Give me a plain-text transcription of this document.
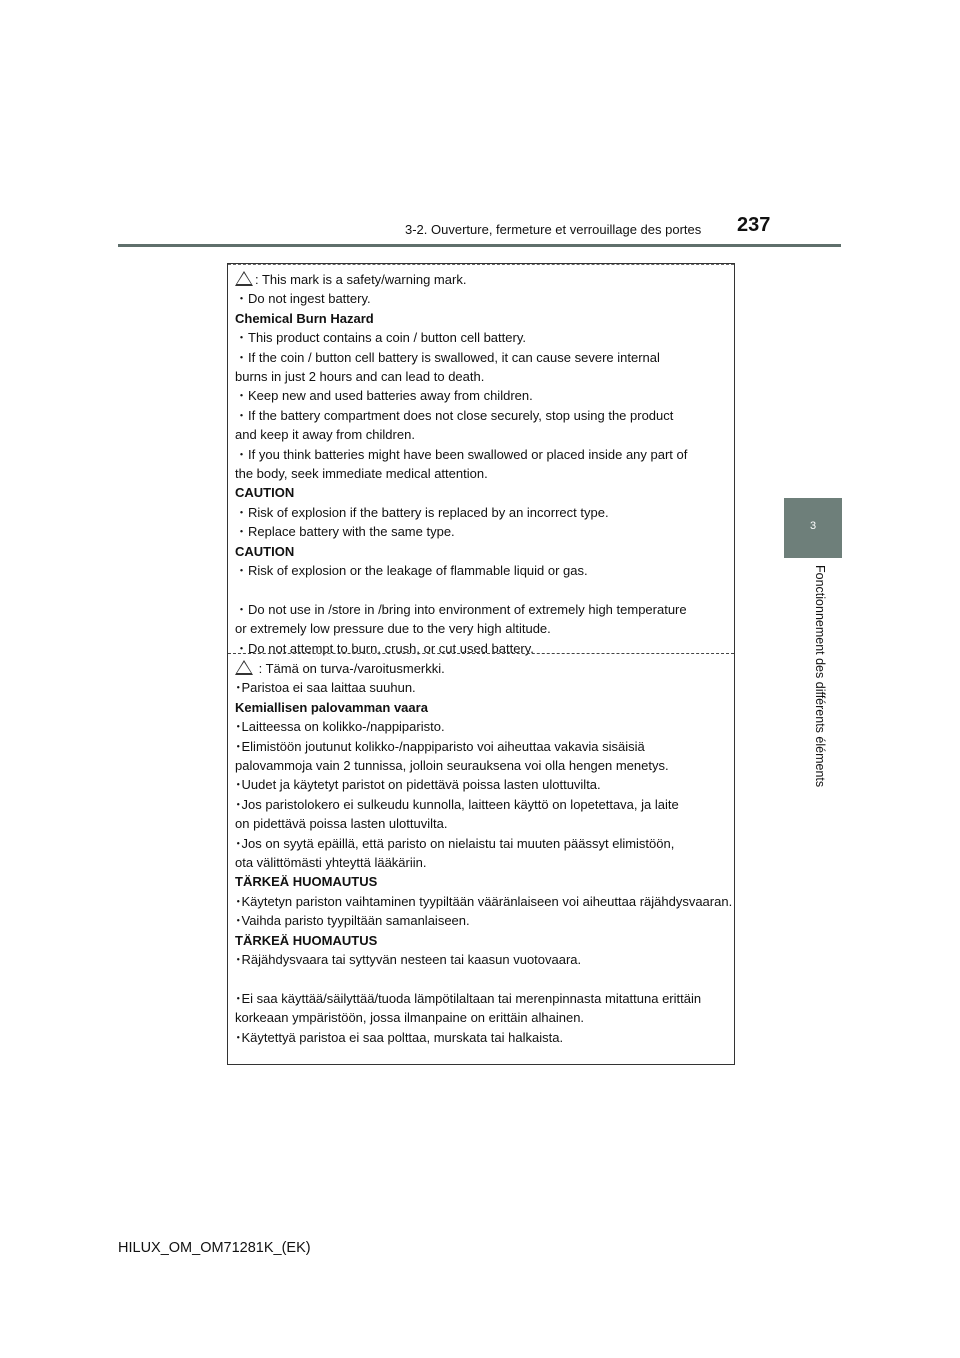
3-2. Ouverture, fermeture et verrouillage des portes 237
3
Fonctionnement des différents éléments
: This mark is a safety/warning mark.
・Do not ingest battery.
Chemical Burn Hazard
・This product contains a coin / button cell battery.
・If the coin / button cell battery is swallowed, it can cause severe internal
burns in just 2 hours and can lead to death.
・Keep new and used batteries away from children.
・If the battery compartment does not close securely, stop using the product
and keep it away from children.
・If you think batteries might have been swallowed or placed inside any part of
the body, seek immediate medical attention.
CAUTION
・Risk of explosion if the battery is replaced by an incorrect type.
・Replace battery with the same type.
CAUTION
・Risk of explosion or the leakage of flammable liquid or gas.
・Do not use in /store in /bring into environment of extremely high temperature
or extremely low pressure due to the very high altitude.
・Do not attempt to burn, crush, or cut used battery.
: Tämä on turva-/varoitusmerkki.
･Paristoa ei saa laittaa suuhun.
Kemiallisen palovamman vaara
･Laitteessa on kolikko-/nappiparisto.
･Elimistöön joutunut kolikko-/nappiparisto voi aiheuttaa vakavia sisäisiä
palovammoja vain 2 tunnissa, jolloin seurauksena voi olla hengen menetys.
･Uudet ja käytetyt paristot on pidettävä poissa lasten ulottuvilta.
･Jos paristolokero ei sulkeudu kunnolla, laitteen käyttö on lopetettava, ja laite
on pidettävä poissa lasten ulottuvilta.
･Jos on syytä epäillä, että paristo on nielaistu tai muuten päässyt elimistöön,
ota välittömästi yhteyttä lääkäriin.
TÄRKEÄ HUOMAUTUS
･Käytetyn pariston vaihtaminen tyypiltään vääränlaiseen voi aiheuttaa räjähdysvaaran.
･Vaihda paristo tyypiltään samanlaiseen.
TÄRKEÄ HUOMAUTUS
･Räjähdysvaara tai syttyvän nesteen tai kaasun vuotovaara.
･Ei saa käyttää/säilyttää/tuoda lämpötilaltaan tai merenpinnasta mitattuna erittäin
korkeaan ympäristöön, jossa ilmanpaine on erittäin alhainen.
･Käytettyä paristoa ei saa polttaa, murskata tai halkaista.
HILUX_OM_OM71281K_(EK)
